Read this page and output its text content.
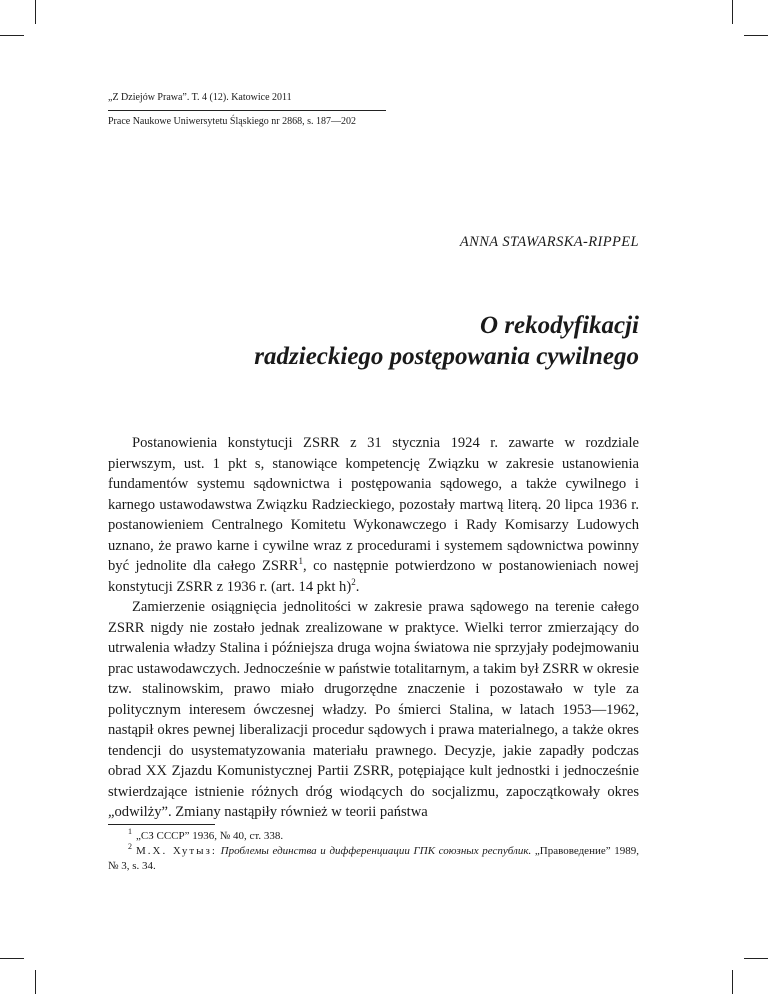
„Z Dziejów Prawa”. T. 4 (12). Katowice 2011
Prace Naukowe Uniwersytetu Śląskiego nr 2868, s. 187—202
ANNA STAWARSKA-RIPPEL
O rekodyfikacji
radzieckiego postępowania cywilnego

Postanowienia konstytucji ZSRR z 31 stycznia 1924 r. zawarte w rozdziale pierwszym, ust. 1 pkt s, stanowiące kompetencję Związku w zakresie ustanowienia fundamentów systemu sądownictwa i postępowania sądowego, a także cywilnego i karnego ustawodawstwa Związku Radzieckiego, pozostały martwą literą. 20 lipca 1936 r. postanowieniem Centralnego Komitetu Wykonawczego i Rady Komisarzy Ludowych uznano, że prawo karne i cywilne wraz z procedurami i systemem sądownictwa powinny być jednolite dla całego ZSRR$^1$, co następnie potwierdzono w postanowieniach nowej konstytucji ZSRR z 1936 r. (art. 14 pkt h)$^2$.

Zamierzenie osiągnięcia jednolitości w zakresie prawa sądowego na terenie całego ZSRR nigdy nie zostało jednak zrealizowane w praktyce. Wielki terror zmierzający do utrwalenia władzy Stalina i późniejsza druga wojna światowa nie sprzyjały podejmowaniu prac ustawodawczych. Jednocześnie w państwie totalitarnym, a takim był ZSRR w okresie tzw. stalinowskim, prawo miało drugorzędne znaczenie i pozostawało w tyle za politycznym interesem ówczesnej władzy. Po śmierci Stalina, w latach 1953—1962, nastąpił okres pewnej liberalizacji procedur sądowych i prawa materialnego, a także okres tendencji do usystematyzowania materiału prawnego. Decyzje, jakie zapadły podczas obrad XX Zjazdu Komunistycznej Partii ZSRR, potępiające kult jednostki i jednocześnie stwierdzające istnienie różnych dróg wiodących do socjalizmu, zapoczątkowały okres „odwilży”. Zmiany nastąpiły również w teorii państwa

$^1$ „СЗ СССР” 1936, № 40, ст. 338.

$^2$ М.Х. Хутыз: Проблемы единства и дифференциации ГПК союзных республик. „Правоведение” 1989, № 3, s. 34.
